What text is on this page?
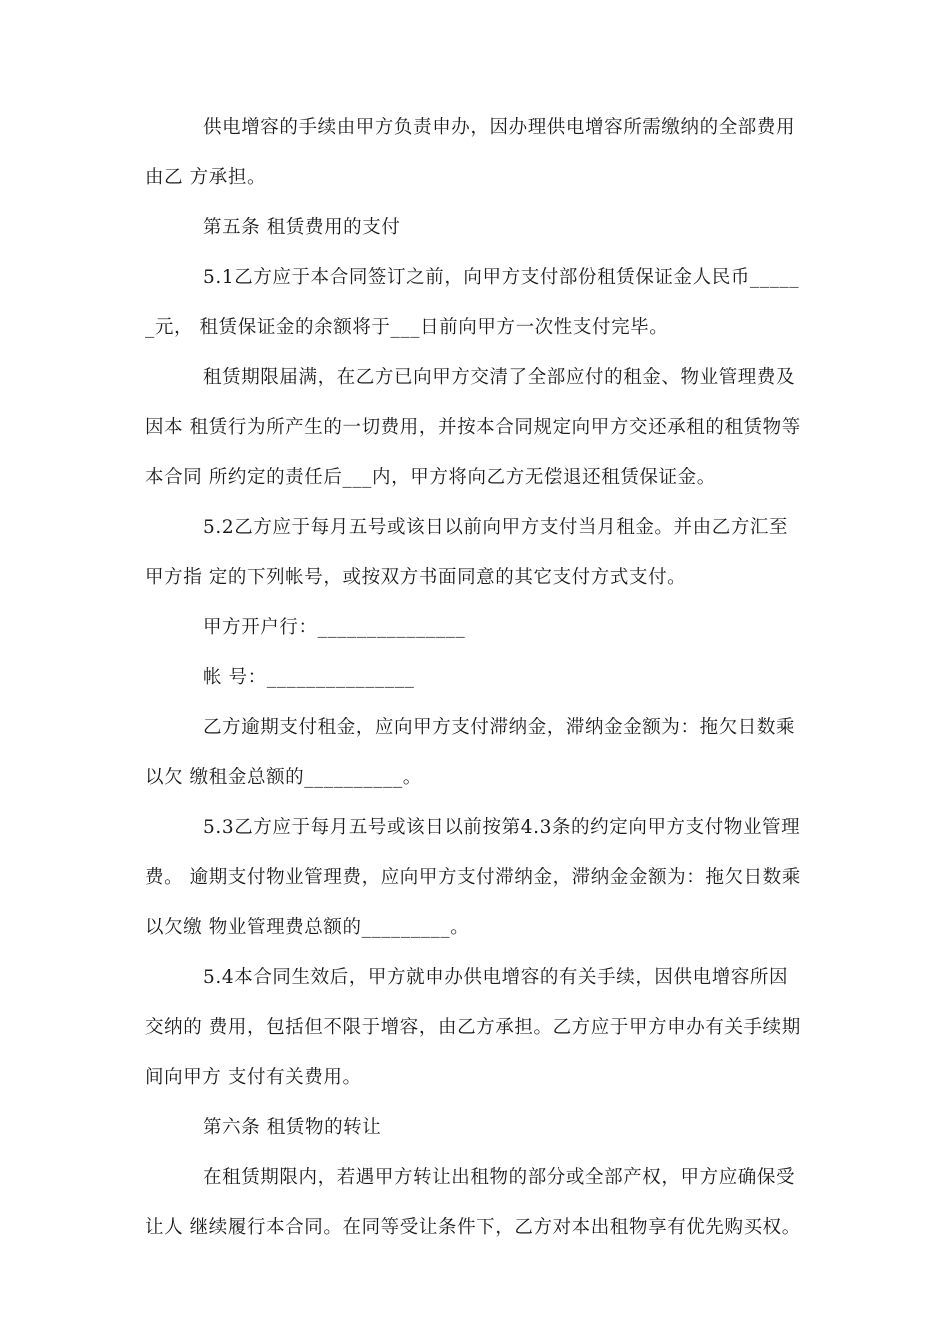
供电增容的手续由甲方负责申办，因办理供电增容所需缴纳的全部费用
由乙 方承担。
第五条 租赁费用的支付
5.1乙方应于本合同签订之前，向甲方支付部份租赁保证金人民币_____
_元， 租赁保证金的余额将于___日前向甲方一次性支付完毕。
租赁期限届满，在乙方已向甲方交清了全部应付的租金、物业管理费及
因本 租赁行为所产生的一切费用，并按本合同规定向甲方交还承租的租赁物等
本合同 所约定的责任后___内，甲方将向乙方无偿退还租赁保证金。
5.2乙方应于每月五号或该日以前向甲方支付当月租金。并由乙方汇至
甲方指 定的下列帐号，或按双方书面同意的其它支付方式支付。
甲方开户行：_______________
帐 号：_______________
乙方逾期支付租金，应向甲方支付滞纳金，滞纳金金额为：拖欠日数乘
以欠 缴租金总额的__________。
5.3乙方应于每月五号或该日以前按第4.3条的约定向甲方支付物业管理
费。 逾期支付物业管理费，应向甲方支付滞纳金，滞纳金金额为：拖欠日数乘
以欠缴 物业管理费总额的_________。
5.4本合同生效后，甲方就申办供电增容的有关手续，因供电增容所因
交纳的 费用，包括但不限于增容，由乙方承担。乙方应于甲方申办有关手续期
间向甲方 支付有关费用。
第六条 租赁物的转让
在租赁期限内，若遇甲方转让出租物的部分或全部产权，甲方应确保受
让人 继续履行本合同。在同等受让条件下，乙方对本出租物享有优先购买权。
